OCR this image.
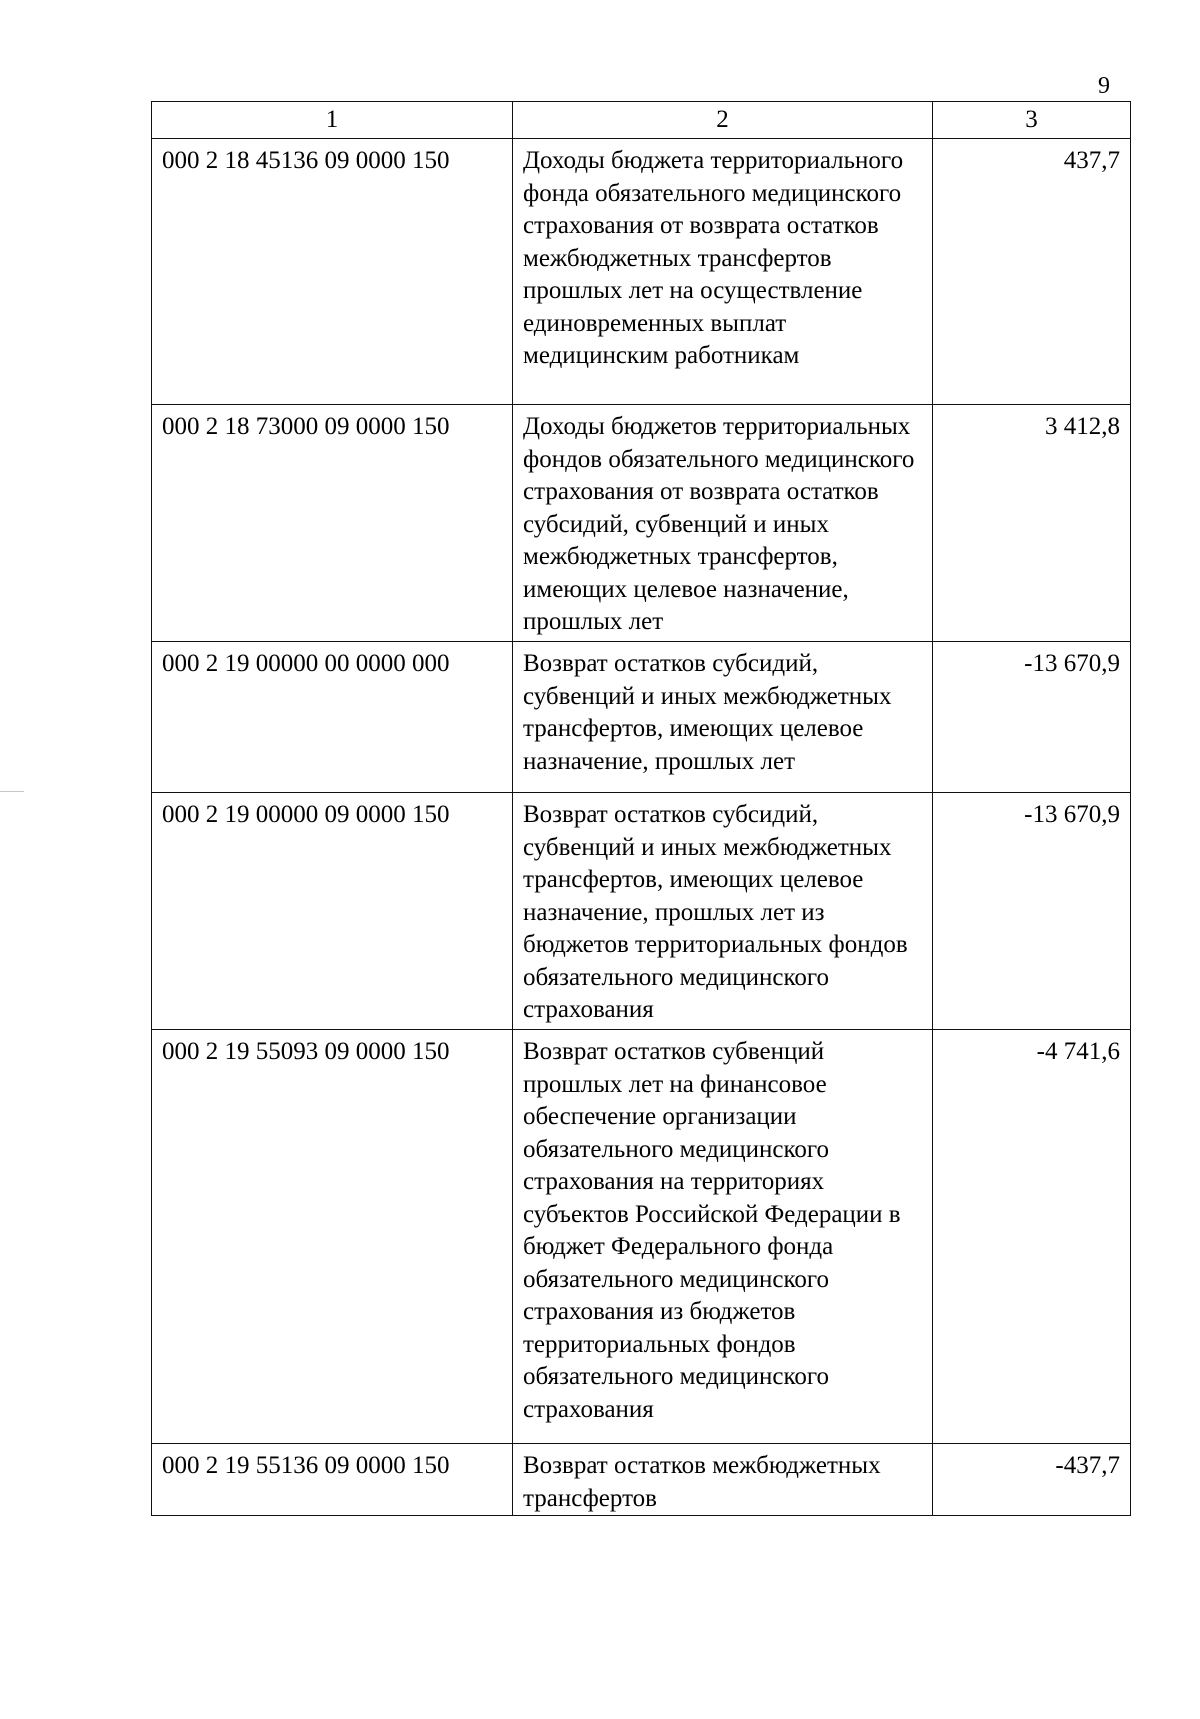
9
1	2	3
000 2 18 45136 09 0000 150	Доходы бюджета территориального фонда обязательного медицинского страхования от возврата остатков межбюджетных трансфертов прошлых лет на осуществление единовременных выплат медицинским работникам	437,7
000 2 18 73000 09 0000 150	Доходы бюджетов территориальных фондов обязательного медицинского страхования от возврата остатков субсидий, субвенций и иных межбюджетных трансфертов, имеющих целевое назначение, прошлых лет	3 412,8
000 2 19 00000 00 0000 000	Возврат остатков субсидий, субвенций и иных межбюджетных трансфертов, имеющих целевое назначение, прошлых лет	-13 670,9
000 2 19 00000 09 0000 150	Возврат остатков субсидий, субвенций и иных межбюджетных трансфертов, имеющих целевое назначение, прошлых лет из бюджетов территориальных фондов обязательного медицинского страхования	-13 670,9
000 2 19 55093 09 0000 150	Возврат остатков субвенций прошлых лет на финансовое обеспечение организации обязательного медицинского страхования на территориях субъектов Российской Федерации в бюджет Федерального фонда обязательного медицинского страхования из бюджетов территориальных фондов обязательного медицинского страхования	-4 741,6
000 2 19 55136 09 0000 150	Возврат остатков межбюджетных трансфертов	-437,7
